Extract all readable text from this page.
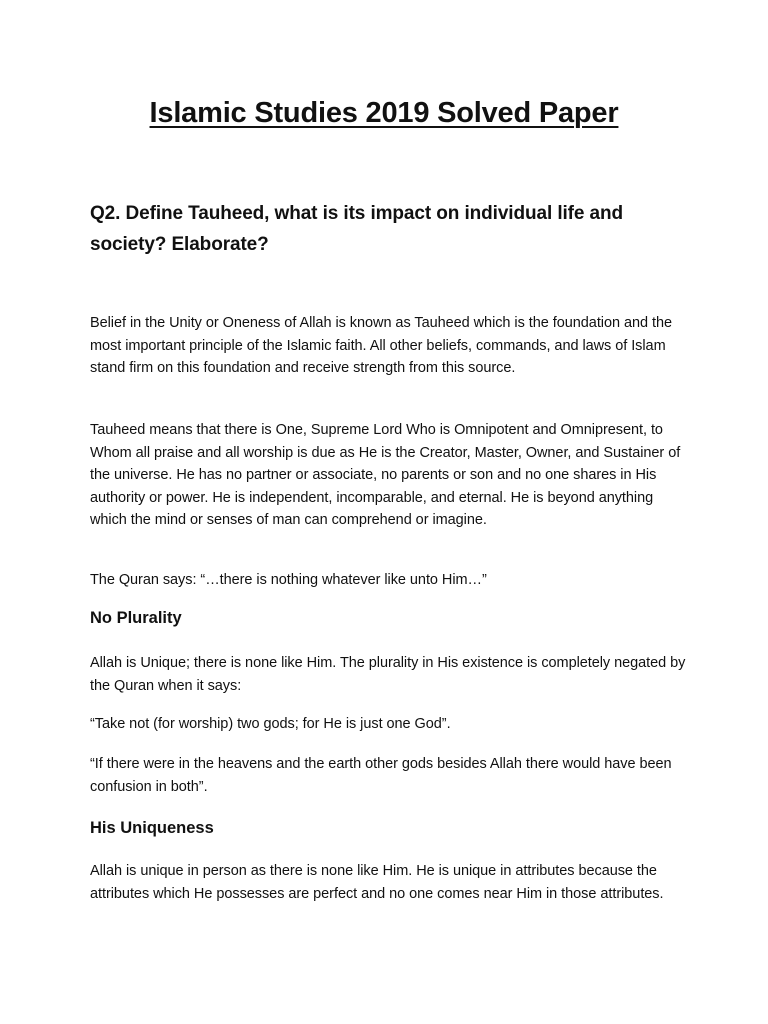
Islamic Studies 2019 Solved Paper
Q2. Define Tauheed, what is its impact on individual life and society? Elaborate?

Belief in the Unity or Oneness of Allah is known as Tauheed which is the foundation and the most important principle of the Islamic faith. All other beliefs, commands, and laws of Islam stand firm on this foundation and receive strength from this source.

Tauheed means that there is One, Supreme Lord Who is Omnipotent and Omnipresent, to Whom all praise and all worship is due as He is the Creator, Master, Owner, and Sustainer of the universe. He has no partner or associate, no parents or son and no one shares in His authority or power. He is independent, incomparable, and eternal. He is beyond anything which the mind or senses of man can comprehend or imagine.

The Quran says: “…there is nothing whatever like unto Him…”

No Plurality

Allah is Unique; there is none like Him. The plurality in His existence is completely negated by the Quran when it says:

“Take not (for worship) two gods; for He is just one God”.

“If there were in the heavens and the earth other gods besides Allah there would have been confusion in both”.

His Uniqueness

Allah is unique in person as there is none like Him. He is unique in attributes because the attributes which He possesses are perfect and no one comes near Him in those attributes.
